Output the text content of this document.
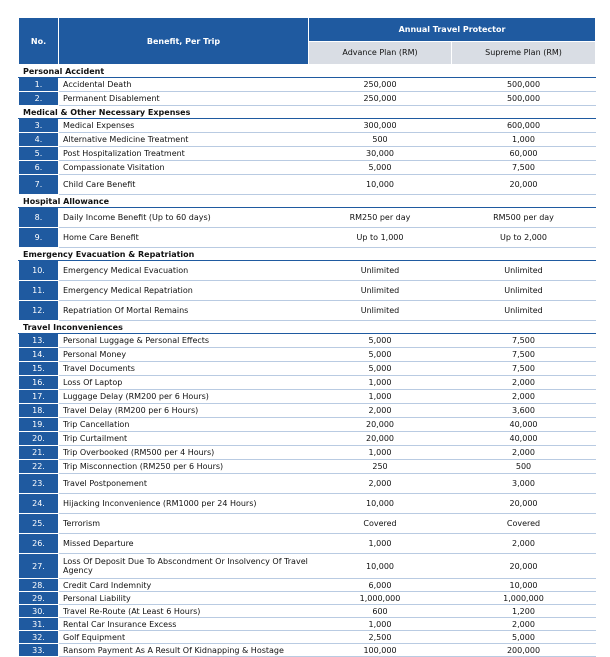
No.	Benefit, Per Trip	Annual Travel Protector	
		Advance Plan (RM)	Supreme Plan (RM)
Personal Accident			
1.	Accidental Death	250,000	500,000
2.	Permanent Disablement	250,000	500,000
Medical & Other Necessary Expenses			
3.	Medical Expenses	300,000	600,000
4.	Alternative Medicine Treatment	500	1,000
5.	Post Hospitalization Treatment	30,000	60,000
6.	Compassionate Visitation	5,000	7,500
7.	Child Care Benefit	10,000	20,000
Hospital Allowance			
8.	Daily Income Benefit (Up to 60 days)	RM250 per day	RM500 per day
9.	Home Care Benefit	Up to 1,000	Up to 2,000
Emergency Evacuation & Repatriation			
10.	Emergency Medical Evacuation	Unlimited	Unlimited
11.	Emergency Medical Repatriation	Unlimited	Unlimited
12.	Repatriation Of Mortal Remains	Unlimited	Unlimited
Travel Inconveniences			
13.	Personal Luggage & Personal Effects	5,000	7,500
14.	Personal Money	5,000	7,500
15.	Travel Documents	5,000	7,500
16.	Loss Of Laptop	1,000	2,000
17.	Luggage Delay (RM200 per 6 Hours)	1,000	2,000
18.	Travel Delay (RM200 per 6 Hours)	2,000	3,600
19.	Trip Cancellation	20,000	40,000
20.	Trip Curtailment	20,000	40,000
21.	Trip Overbooked (RM500 per 4 Hours)	1,000	2,000
22.	Trip Misconnection (RM250 per 6 Hours)	250	500
23.	Travel Postponement	2,000	3,000
24.	Hijacking Inconvenience (RM1000 per 24 Hours)	10,000	20,000
25.	Terrorism	Covered	Covered
26.	Missed Departure	1,000	2,000
27.	Loss Of Deposit Due To Abscondment Or Insolvency Of Travel Agency	10,000	20,000
28.	Credit Card Indemnity	6,000	10,000
29.	Personal Liability	1,000,000	1,000,000
30.	Travel Re-Route (At Least 6 Hours)	600	1,200
31.	Rental Car Insurance Excess	1,000	2,000
32.	Golf Equipment	2,500	5,000
33.	Ransom Payment As A Result Of Kidnapping & Hostage	100,000	200,000
